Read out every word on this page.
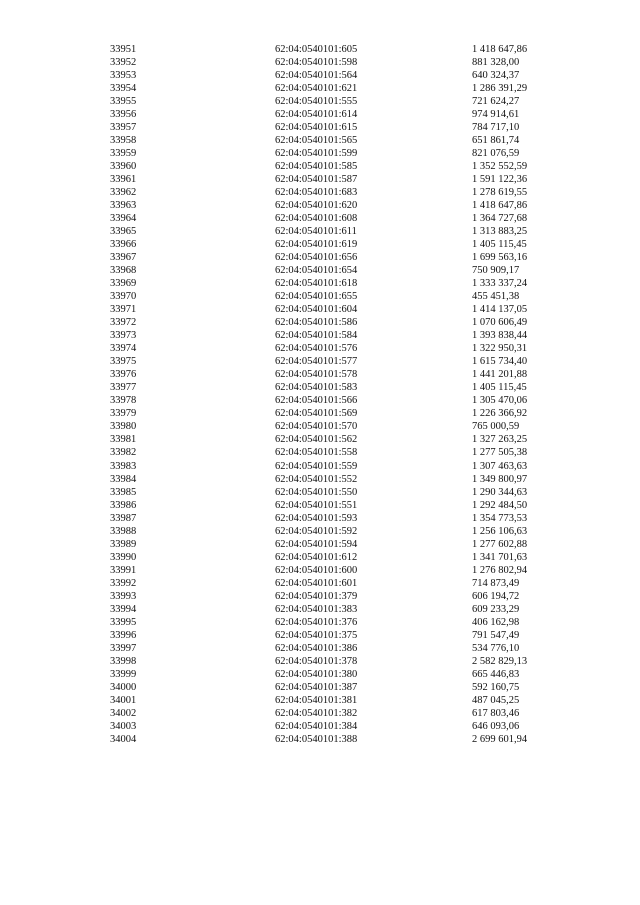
33951	62:04:0540101:605	1 418 647,86
33952	62:04:0540101:598	881 328,00
33953	62:04:0540101:564	640 324,37
33954	62:04:0540101:621	1 286 391,29
33955	62:04:0540101:555	721 624,27
33956	62:04:0540101:614	974 914,61
33957	62:04:0540101:615	784 717,10
33958	62:04:0540101:565	651 861,74
33959	62:04:0540101:599	821 076,59
33960	62:04:0540101:585	1 352 552,59
33961	62:04:0540101:587	1 591 122,36
33962	62:04:0540101:683	1 278 619,55
33963	62:04:0540101:620	1 418 647,86
33964	62:04:0540101:608	1 364 727,68
33965	62:04:0540101:611	1 313 883,25
33966	62:04:0540101:619	1 405 115,45
33967	62:04:0540101:656	1 699 563,16
33968	62:04:0540101:654	750 909,17
33969	62:04:0540101:618	1 333 337,24
33970	62:04:0540101:655	455 451,38
33971	62:04:0540101:604	1 414 137,05
33972	62:04:0540101:586	1 070 606,49
33973	62:04:0540101:584	1 393 838,44
33974	62:04:0540101:576	1 322 950,31
33975	62:04:0540101:577	1 615 734,40
33976	62:04:0540101:578	1 441 201,88
33977	62:04:0540101:583	1 405 115,45
33978	62:04:0540101:566	1 305 470,06
33979	62:04:0540101:569	1 226 366,92
33980	62:04:0540101:570	765 000,59
33981	62:04:0540101:562	1 327 263,25
33982	62:04:0540101:558	1 277 505,38
33983	62:04:0540101:559	1 307 463,63
33984	62:04:0540101:552	1 349 800,97
33985	62:04:0540101:550	1 290 344,63
33986	62:04:0540101:551	1 292 484,50
33987	62:04:0540101:593	1 354 773,53
33988	62:04:0540101:592	1 256 106,63
33989	62:04:0540101:594	1 277 602,88
33990	62:04:0540101:612	1 341 701,63
33991	62:04:0540101:600	1 276 802,94
33992	62:04:0540101:601	714 873,49
33993	62:04:0540101:379	606 194,72
33994	62:04:0540101:383	609 233,29
33995	62:04:0540101:376	406 162,98
33996	62:04:0540101:375	791 547,49
33997	62:04:0540101:386	534 776,10
33998	62:04:0540101:378	2 582 829,13
33999	62:04:0540101:380	665 446,83
34000	62:04:0540101:387	592 160,75
34001	62:04:0540101:381	487 045,25
34002	62:04:0540101:382	617 803,46
34003	62:04:0540101:384	646 093,06
34004	62:04:0540101:388	2 699 601,94
